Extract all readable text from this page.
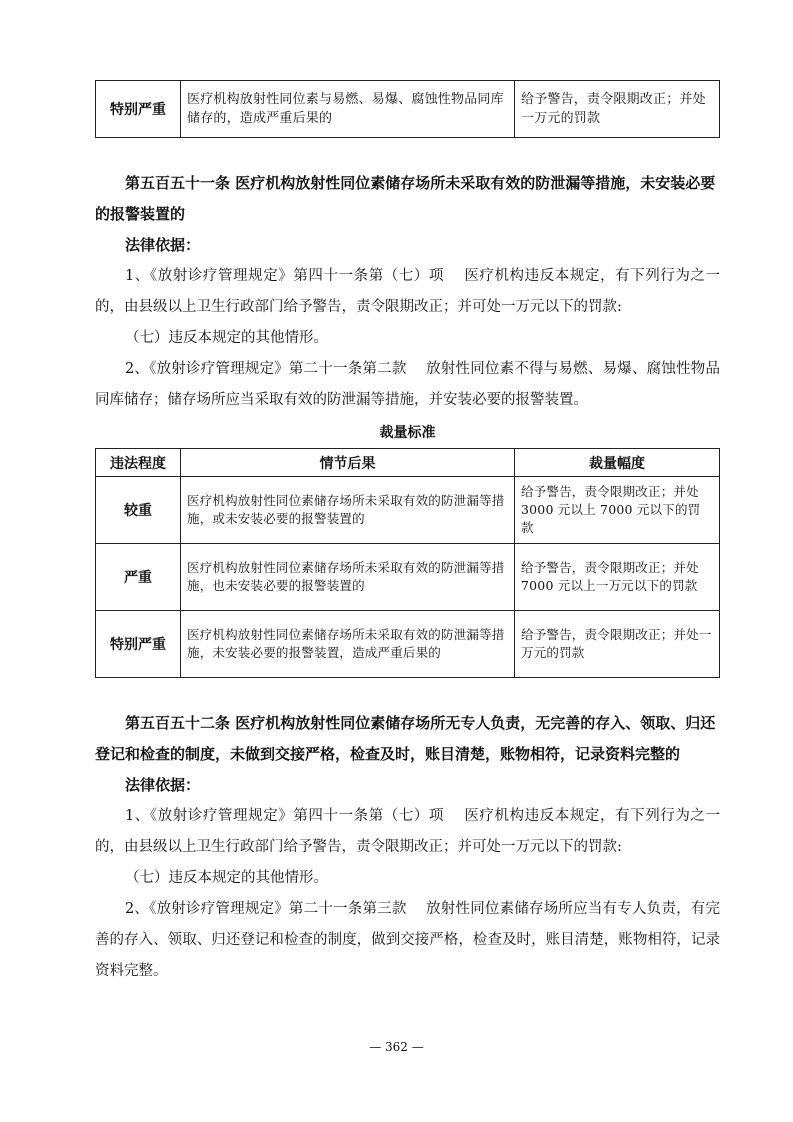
特别严重	医疗机构放射性同位素与易燃、易爆、腐蚀性物品同库储存的，造成严重后果的	给予警告，责令限期改正；并处一万元的罚款

第五百五十一条 医疗机构放射性同位素储存场所未采取有效的防泄漏等措施，未安装必要的报警装置的

法律依据：

1、《放射诊疗管理规定》第四十一条第（七）项　 医疗机构违反本规定，有下列行为之一的，由县级以上卫生行政部门给予警告，责令限期改正；并可处一万元以下的罚款:

（七）违反本规定的其他情形。

2、《放射诊疗管理规定》第二十一条第二款　 放射性同位素不得与易燃、易爆、腐蚀性物品同库储存；储存场所应当采取有效的防泄漏等措施，并安装必要的报警装置。

裁量标准

违法程度	情节后果	裁量幅度
较重	医疗机构放射性同位素储存场所未采取有效的防泄漏等措施，或未安装必要的报警装置的	给予警告，责令限期改正；并处 3000 元以上 7000 元以下的罚款
严重	医疗机构放射性同位素储存场所未采取有效的防泄漏等措施，也未安装必要的报警装置的	给予警告，责令限期改正；并处 7000 元以上一万元以下的罚款
特别严重	医疗机构放射性同位素储存场所未采取有效的防泄漏等措施，未安装必要的报警装置，造成严重后果的	给予警告，责令限期改正；并处一万元的罚款

第五百五十二条 医疗机构放射性同位素储存场所无专人负责，无完善的存入、领取、归还登记和检查的制度，未做到交接严格，检查及时，账目清楚，账物相符，记录资料完整的

法律依据：

1、《放射诊疗管理规定》第四十一条第（七）项　 医疗机构违反本规定，有下列行为之一的，由县级以上卫生行政部门给予警告，责令限期改正；并可处一万元以下的罚款:

（七）违反本规定的其他情形。

2、《放射诊疗管理规定》第二十一条第三款　 放射性同位素储存场所应当有专人负责，有完善的存入、领取、归还登记和检查的制度，做到交接严格，检查及时，账目清楚，账物相符，记录资料完整。

— 362 —
